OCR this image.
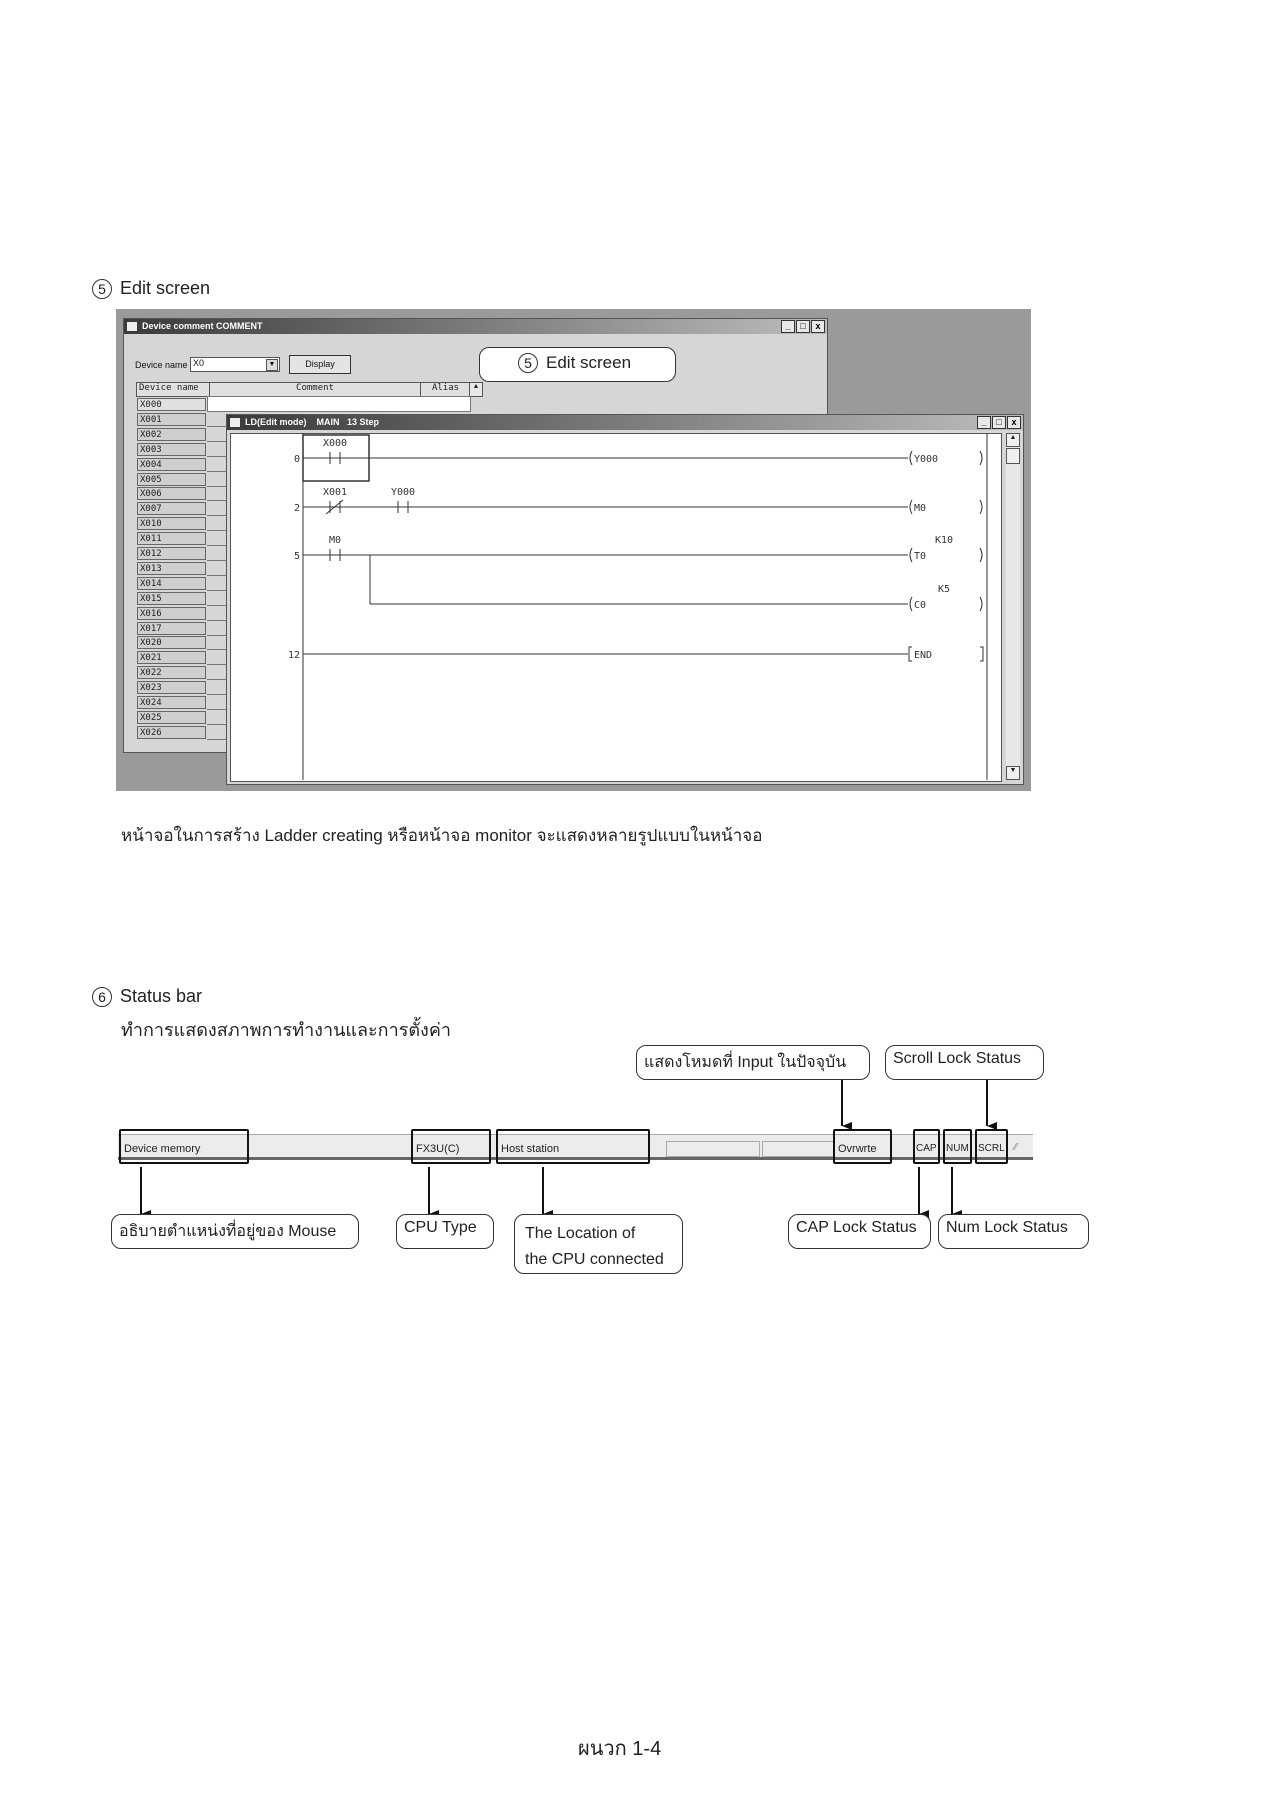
5 Edit screen
Device comment COMMENT	_	□	x
Device name X0	▼	Display
Device name	Comment	Alias	▲
X000
X001
X002
X003
X004
X005
X006
X007
X010
X011
X012
X013
X014
X015
X016
X017
X020
X021
X022
X023
X024
X025
X026
5 Edit screen
LD(Edit mode) MAIN 13 Step	_	□	x
▲
▼
0
2
5
12
X000
X001	Y000
M0
Y000
M0
T0
C0
END
K10
K5
หน้าจอในการสร้าง Ladder creating หรือหน้าจอ monitor จะแสดงหลายรูปแบบในหน้าจอ
6 Status bar
ทำการแสดงสภาพการทำงานและการตั้งค่า
Device memory	FX3U(C)	Host station	Ovrwrte	CAP NUM SCRL ⁄⁄
แสดงโหมดที่ Input ในปัจจุบัน	Scroll Lock Status
อธิบายตำแหน่งที่อยู่ของ Mouse	CPU Type	The Location of
the CPU connected
CAP Lock Status	Num Lock Status
ผนวก 1-4
